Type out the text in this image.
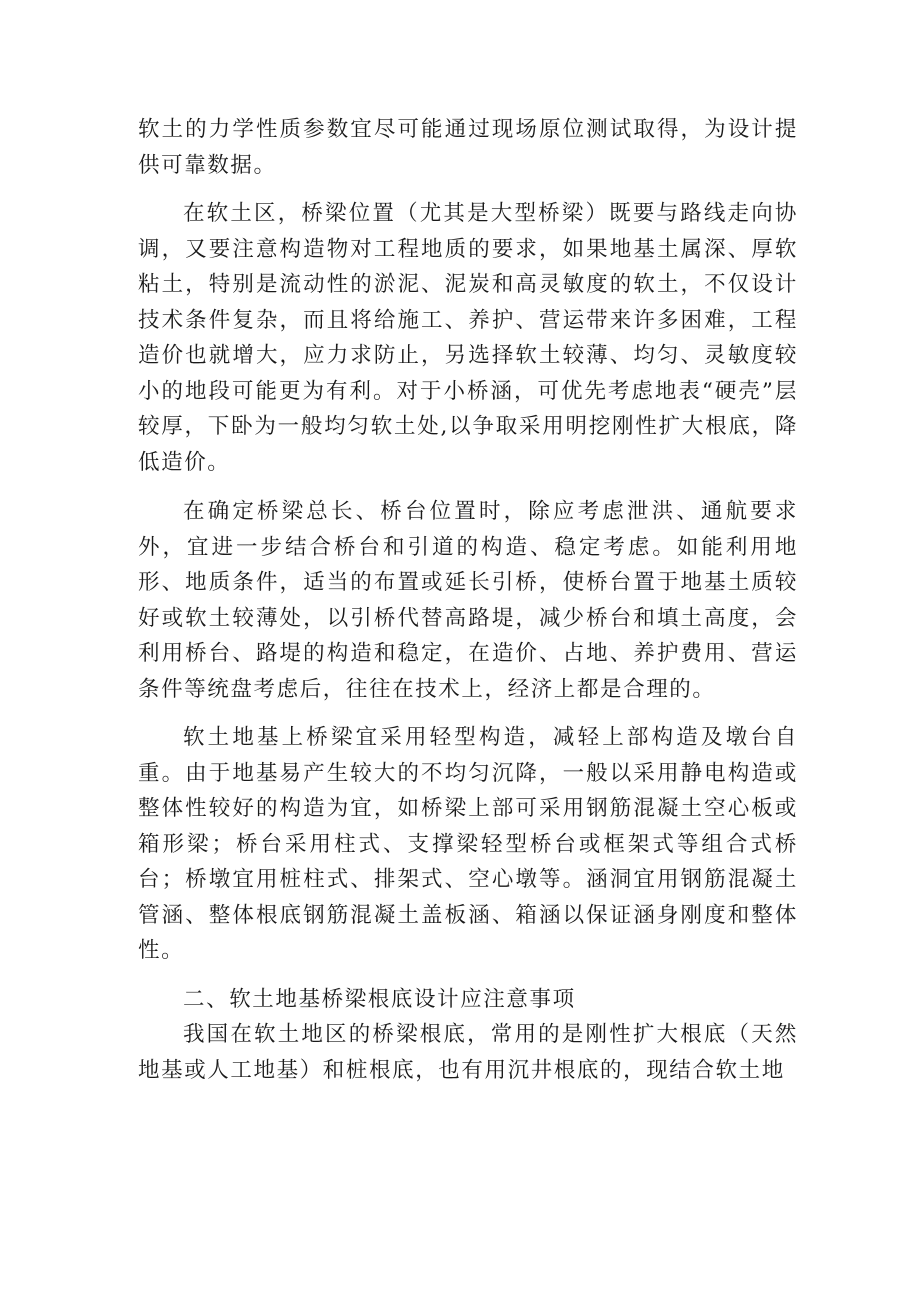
软土的力学性质参数宜尽可能通过现场原位测试取得，为设计提供可靠数据。

在软土区，桥梁位置（尤其是大型桥梁）既要与路线走向协调，又要注意构造物对工程地质的要求，如果地基土属深、厚软粘土，特别是流动性的淤泥、泥炭和高灵敏度的软土，不仅设计技术条件复杂，而且将给施工、养护、营运带来许多困难，工程造价也就增大，应力求防止，另选择软土较薄、均匀、灵敏度较小的地段可能更为有利。对于小桥涵，可优先考虑地表“硬壳”层较厚，下卧为一般均匀软土处,以争取采用明挖刚性扩大根底，降低造价。

在确定桥梁总长、桥台位置时，除应考虑泄洪、通航要求外，宜进一步结合桥台和引道的构造、稳定考虑。如能利用地形、地质条件，适当的布置或延长引桥，使桥台置于地基土质较好或软土较薄处，以引桥代替高路堤，减少桥台和填土高度，会利用桥台、路堤的构造和稳定，在造价、占地、养护费用、营运条件等统盘考虑后，往往在技术上，经济上都是合理的。

软土地基上桥梁宜采用轻型构造，减轻上部构造及墩台自重。由于地基易产生较大的不均匀沉降，一般以采用静电构造或整体性较好的构造为宜，如桥梁上部可采用钢筋混凝土空心板或箱形梁；桥台采用柱式、支撑梁轻型桥台或框架式等组合式桥台；桥墩宜用桩柱式、排架式、空心墩等。涵洞宜用钢筋混凝土管涵、整体根底钢筋混凝土盖板涵、箱涵以保证涵身刚度和整体性。

二、软土地基桥梁根底设计应注意事项

我国在软土地区的桥梁根底，常用的是刚性扩大根底（天然地基或人工地基）和桩根底，也有用沉井根底的，现结合软土地
